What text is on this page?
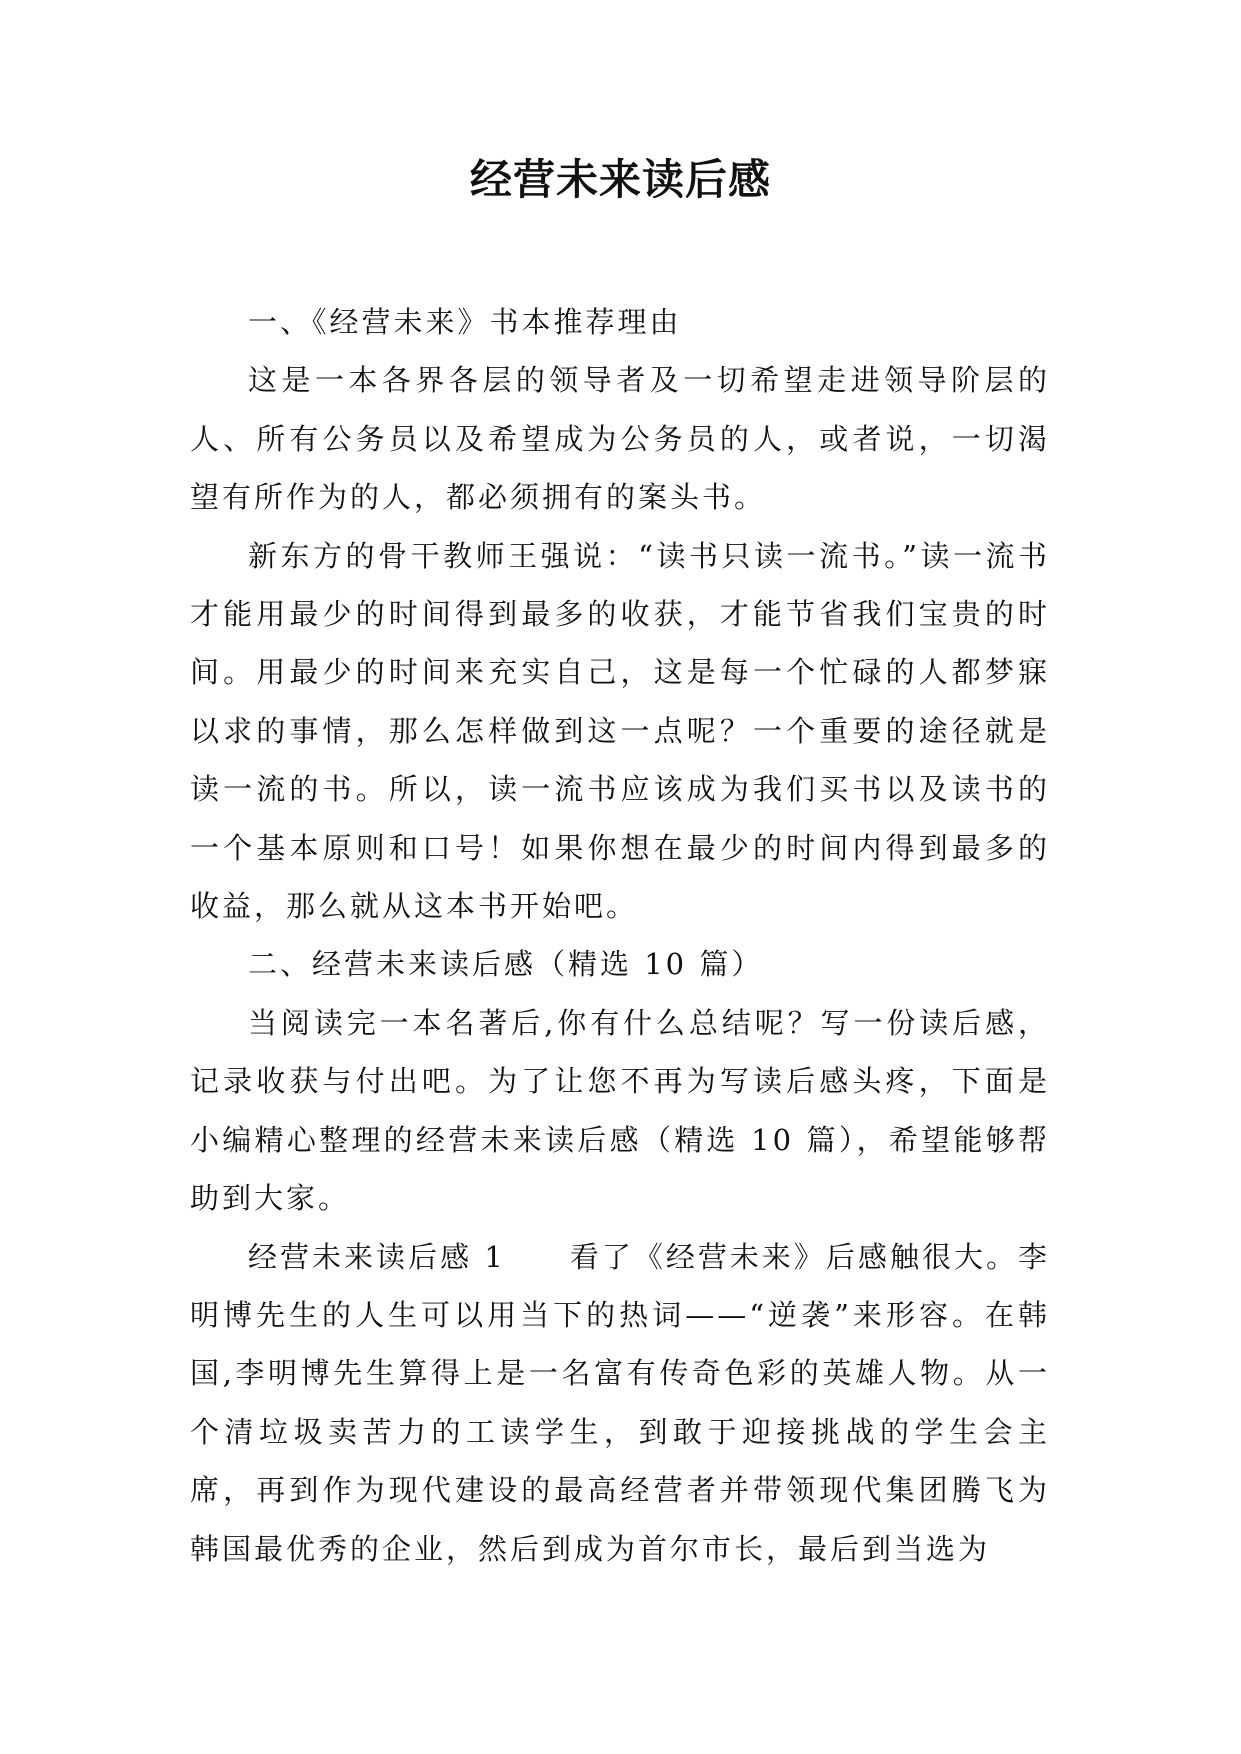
经营未来读后感

一、《经营未来》书本推荐理由

这是一本各界各层的领导者及一切希望走进领导阶层的人、所有公务员以及希望成为公务员的人，或者说，一切渴望有所作为的人，都必须拥有的案头书。

新东方的骨干教师王强说：“读书只读一流书。”读一流书才能用最少的时间得到最多的收获，才能节省我们宝贵的时间。用最少的时间来充实自己，这是每一个忙碌的人都梦寐以求的事情，那么怎样做到这一点呢？一个重要的途径就是读一流的书。所以，读一流书应该成为我们买书以及读书的一个基本原则和口号！如果你想在最少的时间内得到最多的收益，那么就从这本书开始吧。

二、经营未来读后感（精选 10 篇）

当阅读完一本名著后,你有什么总结呢？写一份读后感，记录收获与付出吧。为了让您不再为写读后感头疼，下面是小编精心整理的经营未来读后感（精选 10 篇），希望能够帮助到大家。

经营未来读后感 1　　看了《经营未来》后感触很大。李明博先生的人生可以用当下的热词——“逆袭”来形容。在韩国,李明博先生算得上是一名富有传奇色彩的英雄人物。从一个清垃圾卖苦力的工读学生，到敢于迎接挑战的学生会主席，再到作为现代建设的最高经营者并带领现代集团腾飞为韩国最优秀的企业，然后到成为首尔市长，最后到当选为
